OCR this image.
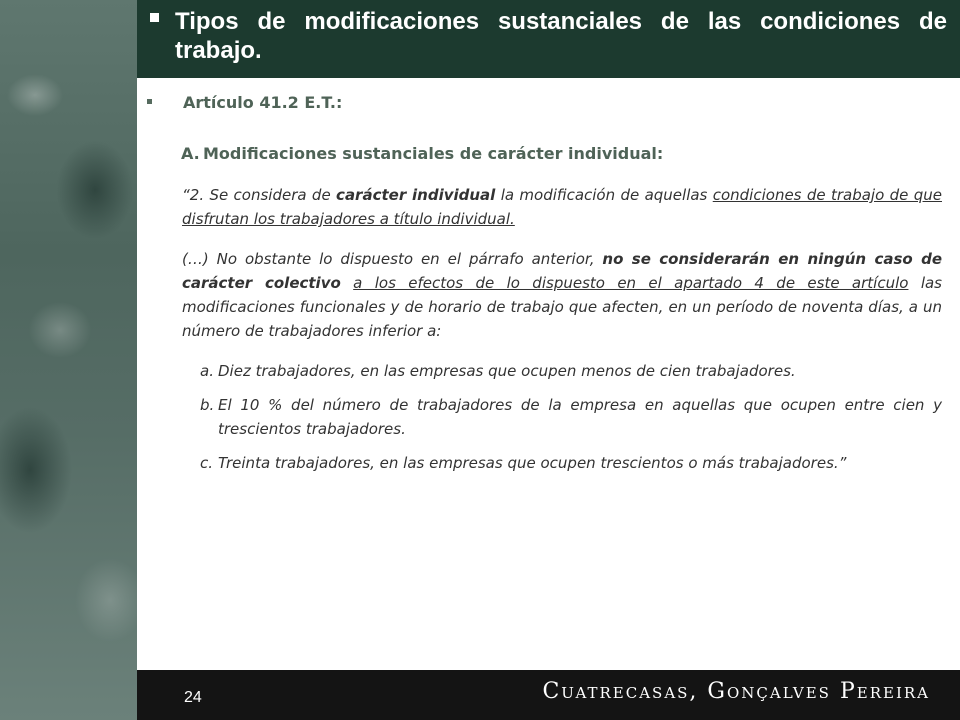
Tipos de modificaciones sustanciales de las condiciones de trabajo.
Artículo 41.2 E.T.:
A. Modificaciones sustanciales de carácter individual:

“2. Se considera de carácter individual la modificación de aquellas condiciones de trabajo de que disfrutan los trabajadores a título individual.

(…) No obstante lo dispuesto en el párrafo anterior, no se considerarán en ningún caso de carácter colectivo a los efectos de lo dispuesto en el apartado 4 de este artículo las modificaciones funcionales y de horario de trabajo que afecten, en un período de noventa días, a un número de trabajadores inferior a:

a. Diez trabajadores, en las empresas que ocupen menos de cien trabajadores.
b. El 10 % del número de trabajadores de la empresa en aquellas que ocupen entre cien y trescientos trabajadores.
c. Treinta trabajadores, en las empresas que ocupen trescientos o más trabajadores.”
24	Cuatrecasas, Gonçalves Pereira
